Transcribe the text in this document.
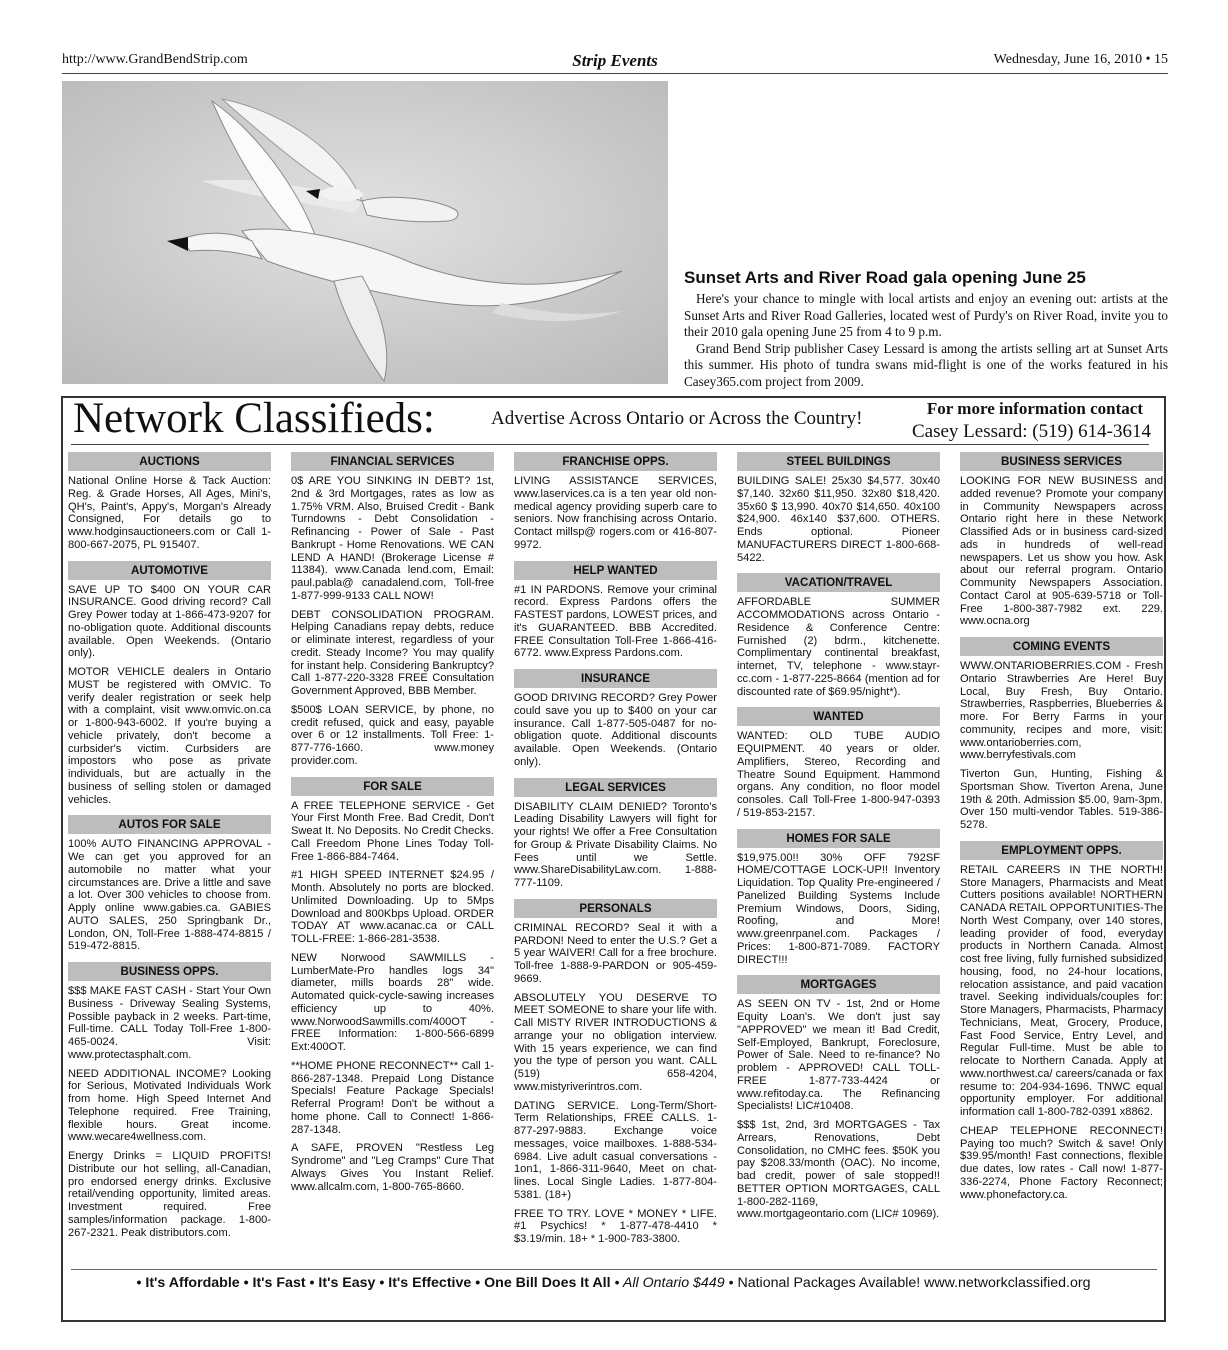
http://www.GrandBendStrip.com	Strip Events	Wednesday, June 16, 2010 • 15
Sunset Arts and River Road gala opening June 25

Here's your chance to mingle with local artists and enjoy an evening out: artists at the Sunset Arts and River Road Galleries, located west of Purdy's on River Road, invite you to their 2010 gala opening June 25 from 4 to 9 p.m.

Grand Bend Strip publisher Casey Lessard is among the artists selling art at Sunset Arts this summer. His photo of tundra swans mid-flight is one of the works featured in his Casey365.com project from 2009.

Network Classifieds:	Advertise Across Ontario or Across the Country!	For more information contact
Casey Lessard: (519) 614-3614
AUCTIONS

National Online Horse & Tack Auction: Reg. & Grade Horses, All Ages, Mini's, QH's, Paint's, Appy's, Morgan's Already Consigned, For details go to www.hodginsauctioneers.com or Call 1-800-667-2075, PL 915407.

AUTOMOTIVE

SAVE UP TO $400 ON YOUR CAR INSURANCE. Good driving record? Call Grey Power today at 1-866-473-9207 for no-obligation quote. Additional discounts available. Open Weekends. (Ontario only).

MOTOR VEHICLE dealers in Ontario MUST be registered with OMVIC. To verify dealer registration or seek help with a complaint, visit www.omvic.on.ca or 1-800-943-6002. If you're buying a vehicle privately, don't become a curbsider's victim. Curbsiders are impostors who pose as private individuals, but are actually in the business of selling stolen or damaged vehicles.

AUTOS FOR SALE

100% AUTO FINANCING APPROVAL - We can get you approved for an automobile no matter what your circumstances are. Drive a little and save a lot. Over 300 vehicles to choose from. Apply online www.gabies.ca. GABIES AUTO SALES, 250 Springbank Dr., London, ON, Toll-Free 1-888-474-8815 / 519-472-8815.

BUSINESS OPPS.

$$$ MAKE FAST CASH - Start Your Own Business - Driveway Sealing Systems, Possible payback in 2 weeks. Part-time, Full-time. CALL Today Toll-Free 1-800-465-0024. Visit: www.protectasphalt.com.

NEED ADDITIONAL INCOME? Looking for Serious, Motivated Individuals Work from home. High Speed Internet And Telephone required. Free Training, flexible hours. Great income. www.wecare4wellness.com.

Energy Drinks = LIQUID PROFITS! Distribute our hot selling, all-Canadian, pro endorsed energy drinks. Exclusive retail/vending opportunity, limited areas. Investment required. Free samples/information package. 1-800-267-2321. Peak distributors.com.

FINANCIAL SERVICES

0$ ARE YOU SINKING IN DEBT? 1st, 2nd & 3rd Mortgages, rates as low as 1.75% VRM. Also, Bruised Credit - Bank Turndowns - Debt Consolidation - Refinancing - Power of Sale - Past Bankrupt - Home Renovations. WE CAN LEND A HAND! (Brokerage License # 11384). www.Canada lend.com, Email: paul.pabla@ canadalend.com, Toll-free 1-877-999-9133 CALL NOW!

DEBT CONSOLIDATION PROGRAM. Helping Canadians repay debts, reduce or eliminate interest, regardless of your credit. Steady Income? You may qualify for instant help. Considering Bankruptcy? Call 1-877-220-3328 FREE Consultation Government Approved, BBB Member.

$500$ LOAN SERVICE, by phone, no credit refused, quick and easy, payable over 6 or 12 installments. Toll Free: 1-877-776-1660. www.money provider.com.

FOR SALE

A FREE TELEPHONE SERVICE - Get Your First Month Free. Bad Credit, Don't Sweat It. No Deposits. No Credit Checks. Call Freedom Phone Lines Today Toll-Free 1-866-884-7464.

#1 HIGH SPEED INTERNET $24.95 / Month. Absolutely no ports are blocked. Unlimited Downloading. Up to 5Mps Download and 800Kbps Upload. ORDER TODAY AT www.acanac.ca or CALL TOLL-FREE: 1-866-281-3538.

NEW Norwood SAWMILLS - LumberMate-Pro handles logs 34" diameter, mills boards 28" wide. Automated quick-cycle-sawing increases efficiency up to 40%. www.NorwoodSawmills.com/400OT - FREE Information: 1-800-566-6899 Ext:400OT.

**HOME PHONE RECONNECT** Call 1-866-287-1348. Prepaid Long Distance Specials! Feature Package Specials! Referral Program! Don't be without a home phone. Call to Connect! 1-866-287-1348.

A SAFE, PROVEN "Restless Leg Syndrome" and "Leg Cramps" Cure That Always Gives You Instant Relief. www.allcalm.com, 1-800-765-8660.

FRANCHISE OPPS.

LIVING ASSISTANCE SERVICES, www.laservices.ca is a ten year old non-medical agency providing superb care to seniors. Now franchising across Ontario. Contact millsp@ rogers.com or 416-807-9972.

HELP WANTED

#1 IN PARDONS. Remove your criminal record. Express Pardons offers the FASTEST pardons, LOWEST prices, and it's GUARANTEED. BBB Accredited. FREE Consultation Toll-Free 1-866-416-6772. www.Express Pardons.com.

INSURANCE

GOOD DRIVING RECORD? Grey Power could save you up to $400 on your car insurance. Call 1-877-505-0487 for no-obligation quote. Additional discounts available. Open Weekends. (Ontario only).

LEGAL SERVICES

DISABILITY CLAIM DENIED? Toronto's Leading Disability Lawyers will fight for your rights! We offer a Free Consultation for Group & Private Disability Claims. No Fees until we Settle. www.ShareDisabilityLaw.com. 1-888-777-1109.

PERSONALS

CRIMINAL RECORD? Seal it with a PARDON! Need to enter the U.S.? Get a 5 year WAIVER! Call for a free brochure. Toll-free 1-888-9-PARDON or 905-459-9669.

ABSOLUTELY YOU DESERVE TO MEET SOMEONE to share your life with. Call MISTY RIVER INTRODUCTIONS & arrange your no obligation interview. With 15 years experience, we can find you the type of person you want. CALL (519) 658-4204, www.mistyriverintros.com.

DATING SERVICE. Long-Term/Short-Term Relationships, FREE CALLS. 1-877-297-9883. Exchange voice messages, voice mailboxes. 1-888-534-6984. Live adult casual conversations - 1on1, 1-866-311-9640, Meet on chat-lines. Local Single Ladies. 1-877-804-5381. (18+)

FREE TO TRY. LOVE * MONEY * LIFE. #1 Psychics! * 1-877-478-4410 * $3.19/min. 18+ * 1-900-783-3800.

STEEL BUILDINGS

BUILDING SALE! 25x30 $4,577. 30x40 $7,140. 32x60 $11,950. 32x80 $18,420. 35x60 $ 13,990. 40x70 $14,650. 40x100 $24,900. 46x140 $37,600. OTHERS. Ends optional. Pioneer MANUFACTURERS DIRECT 1-800-668-5422.

VACATION/TRAVEL

AFFORDABLE SUMMER ACCOMMODATIONS across Ontario - Residence & Conference Centre: Furnished (2) bdrm., kitchenette. Complimentary continental breakfast, internet, TV, telephone - www.stayr-cc.com - 1-877-225-8664 (mention ad for discounted rate of $69.95/night*).

WANTED

WANTED: OLD TUBE AUDIO EQUIPMENT. 40 years or older. Amplifiers, Stereo, Recording and Theatre Sound Equipment. Hammond organs. Any condition, no floor model consoles. Call Toll-Free 1-800-947-0393 / 519-853-2157.

HOMES FOR SALE

$19,975.00!! 30% OFF 792SF HOME/COTTAGE LOCK-UP!! Inventory Liquidation. Top Quality Pre-engineered / Panelized Building Systems Include Premium Windows, Doors, Siding, Roofing, and More! www.greenrpanel.com. Packages / Prices: 1-800-871-7089. FACTORY DIRECT!!!

MORTGAGES

AS SEEN ON TV - 1st, 2nd or Home Equity Loan's. We don't just say "APPROVED" we mean it! Bad Credit, Self-Employed, Bankrupt, Foreclosure, Power of Sale. Need to re-finance? No problem - APPROVED! CALL TOLL-FREE 1-877-733-4424 or www.refitoday.ca. The Refinancing Specialists! LIC#10408.

$$$ 1st, 2nd, 3rd MORTGAGES - Tax Arrears, Renovations, Debt Consolidation, no CMHC fees. $50K you pay $208.33/month (OAC). No income, bad credit, power of sale stopped!! BETTER OPTION MORTGAGES, CALL 1-800-282-1169, www.mortgageontario.com (LIC# 10969).

BUSINESS SERVICES

LOOKING FOR NEW BUSINESS and added revenue? Promote your company in Community Newspapers across Ontario right here in these Network Classified Ads or in business card-sized ads in hundreds of well-read newspapers. Let us show you how. Ask about our referral program. Ontario Community Newspapers Association. Contact Carol at 905-639-5718 or Toll-Free 1-800-387-7982 ext. 229. www.ocna.org

COMING EVENTS

WWW.ONTARIOBERRIES.COM - Fresh Ontario Strawberries Are Here! Buy Local, Buy Fresh, Buy Ontario. Strawberries, Raspberries, Blueberries & more. For Berry Farms in your community, recipes and more, visit: www.ontarioberries.com, www.berryfestivals.com

Tiverton Gun, Hunting, Fishing & Sportsman Show. Tiverton Arena, June 19th & 20th. Admission $5.00, 9am-3pm. Over 150 multi-vendor Tables. 519-386-5278.

EMPLOYMENT OPPS.

RETAIL CAREERS IN THE NORTH! Store Managers, Pharmacists and Meat Cutters positions available! NORTHERN CANADA RETAIL OPPORTUNITIES-The North West Company, over 140 stores, leading provider of food, everyday products in Northern Canada. Almost cost free living, fully furnished subsidized housing, food, no 24-hour locations, relocation assistance, and paid vacation travel. Seeking individuals/couples for: Store Managers, Pharmacists, Pharmacy Technicians, Meat, Grocery, Produce, Fast Food Service, Entry Level, and Regular Full-time. Must be able to relocate to Northern Canada. Apply at www.northwest.ca/ careers/canada or fax resume to: 204-934-1696. TNWC equal opportunity employer. For additional information call 1-800-782-0391 x8862.

CHEAP TELEPHONE RECONNECT! Paying too much? Switch & save! Only $39.95/month! Fast connections, flexible due dates, low rates - Call now! 1-877-336-2274, Phone Factory Reconnect; www.phonefactory.ca.

• It's Affordable • It's Fast • It's Easy • It's Effective • One Bill Does It All • All Ontario $449 • National Packages Available! www.networkclassified.org
